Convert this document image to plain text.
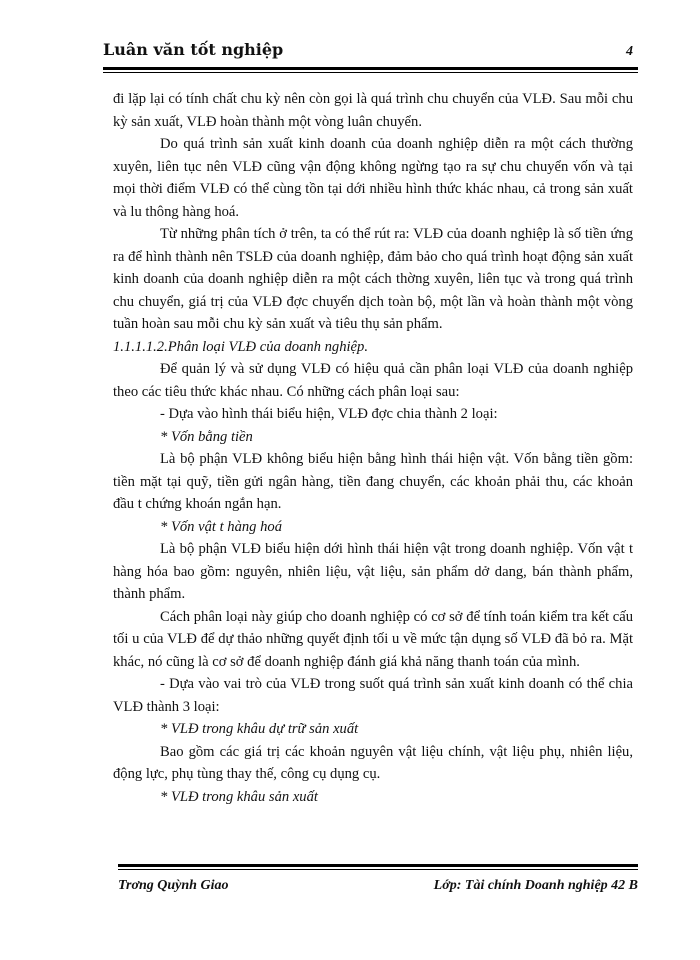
Luân văn tốt nghiệp	4

đi lặp lại có tính chất chu kỳ nên còn gọi là quá trình chu chuyển của VLĐ. Sau mỗi chu kỳ sản xuất, VLĐ hoàn thành một vòng luân chuyển.

Do quá trình sản xuất kinh doanh của doanh nghiệp diễn ra một cách thường xuyên, liên tục nên VLĐ cũng vận động không ngừng tạo ra sự chu chuyển vốn và tại mọi thời điểm VLĐ có thể cùng tồn tại dới nhiều hình thức khác nhau, cả trong sản xuất và lu thông hàng hoá.

Từ những phân tích ở trên, ta có thể rút ra: VLĐ của doanh nghiệp là số tiền ứng ra để hình thành nên TSLĐ của doanh nghiệp, đảm bảo cho quá trình hoạt động sản xuất kinh doanh của doanh nghiệp diễn ra một cách thờng xuyên, liên tục và trong quá trình chu chuyển, giá trị của VLĐ đợc chuyển dịch toàn bộ, một lần và hoàn thành một vòng tuần hoàn sau mỗi chu kỳ sản xuất và tiêu thụ sản phẩm.

1.1.1.1.2.Phân loại VLĐ của doanh nghiệp.

Để quản lý và sử dụng VLĐ có hiệu quả cần phân loại VLĐ của doanh nghiệp theo các tiêu thức khác nhau. Có những cách phân loại sau:

- Dựa vào hình thái biểu hiện, VLĐ đợc chia thành 2 loại:

* Vốn bằng tiền

Là bộ phận VLĐ không biểu hiện bằng hình thái hiện vật. Vốn bằng tiền gồm: tiền mặt tại quỹ, tiền gửi ngân hàng, tiền đang chuyển, các khoản phải thu, các khoản đầu t chứng khoán ngắn hạn.

* Vốn vật t hàng hoá

Là bộ phận VLĐ biểu hiện dới hình thái hiện vật trong doanh nghiệp. Vốn vật t hàng hóa bao gồm: nguyên, nhiên liệu, vật liệu, sản phẩm dở dang, bán thành phẩm, thành phẩm.

Cách phân loại này giúp cho doanh nghiệp có cơ sở để tính toán kiểm tra kết cấu tối u của VLĐ để dự thảo những quyết định tối u về mức tận dụng số VLĐ đã bỏ ra. Mặt khác, nó cũng là cơ sở để doanh nghiệp đánh giá khả năng thanh toán của mình.

- Dựa vào vai trò của VLĐ trong suốt quá trình sản xuất kinh doanh có thể chia VLĐ thành 3 loại:

* VLĐ trong khâu dự trữ sản xuất

Bao gồm các giá trị các khoản nguyên vật liệu chính, vật liệu phụ, nhiên liệu, động lực, phụ tùng thay thế, công cụ dụng cụ.

* VLĐ trong khâu sản xuất

Trơng Quỳnh Giao	Lớp: Tài chính Doanh nghiệp 42 B
